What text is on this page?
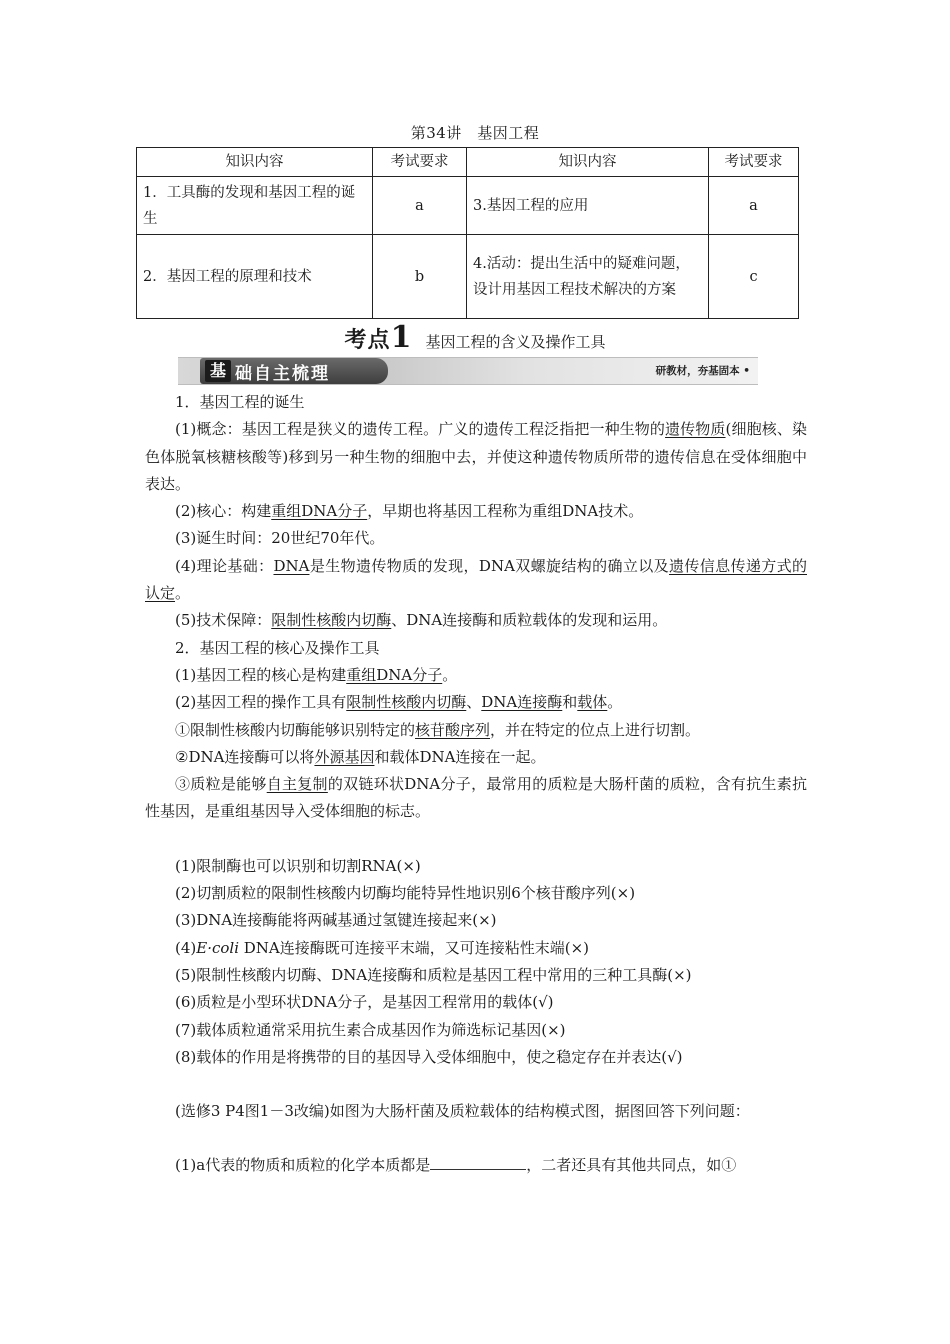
第34讲　基因工程
知识内容	考试要求	知识内容	考试要求
1．工具酶的发现和基因工程的诞生	a	3.基因工程的应用	a
2．基因工程的原理和技术	b	4.活动：提出生活中的疑难问题，设计用基因工程技术解决的方案	c
考点1 基因工程的含义及操作工具
基 础自主梳理	研教材，夯基固本 •

1．基因工程的诞生

(1)概念：基因工程是狭义的遗传工程。广义的遗传工程泛指把一种生物的遗传物质(细胞核、染色体脱氧核糖核酸等)移到另一种生物的细胞中去，并使这种遗传物质所带的遗传信息在受体细胞中表达。

(2)核心：构建重组DNA分子，早期也将基因工程称为重组DNA技术。

(3)诞生时间：20世纪70年代。

(4)理论基础：DNA是生物遗传物质的发现，DNA双螺旋结构的确立以及遗传信息传递方式的认定。

(5)技术保障：限制性核酸内切酶、DNA连接酶和质粒载体的发现和运用。

2．基因工程的核心及操作工具

(1)基因工程的核心是构建重组DNA分子。

(2)基因工程的操作工具有限制性核酸内切酶、DNA连接酶和载体。

①限制性核酸内切酶能够识别特定的核苷酸序列，并在特定的位点上进行切割。

②DNA连接酶可以将外源基因和载体DNA连接在一起。

③质粒是能够自主复制的双链环状DNA分子，最常用的质粒是大肠杆菌的质粒，含有抗生素抗性基因，是重组基因导入受体细胞的标志。

(1)限制酶也可以识别和切割RNA(×)

(2)切割质粒的限制性核酸内切酶均能特异性地识别6个核苷酸序列(×)

(3)DNA连接酶能将两碱基通过氢键连接起来(×)

(4)E·coli DNA连接酶既可连接平末端，又可连接粘性末端(×)

(5)限制性核酸内切酶、DNA连接酶和质粒是基因工程中常用的三种工具酶(×)

(6)质粒是小型环状DNA分子，是基因工程常用的载体(√)

(7)载体质粒通常采用抗生素合成基因作为筛选标记基因(×)

(8)载体的作用是将携带的目的基因导入受体细胞中，使之稳定存在并表达(√)

(选修3 P4图1－3改编)如图为大肠杆菌及质粒载体的结构模式图，据图回答下列问题：

(1)a代表的物质和质粒的化学本质都是	，二者还具有其他共同点，如①
